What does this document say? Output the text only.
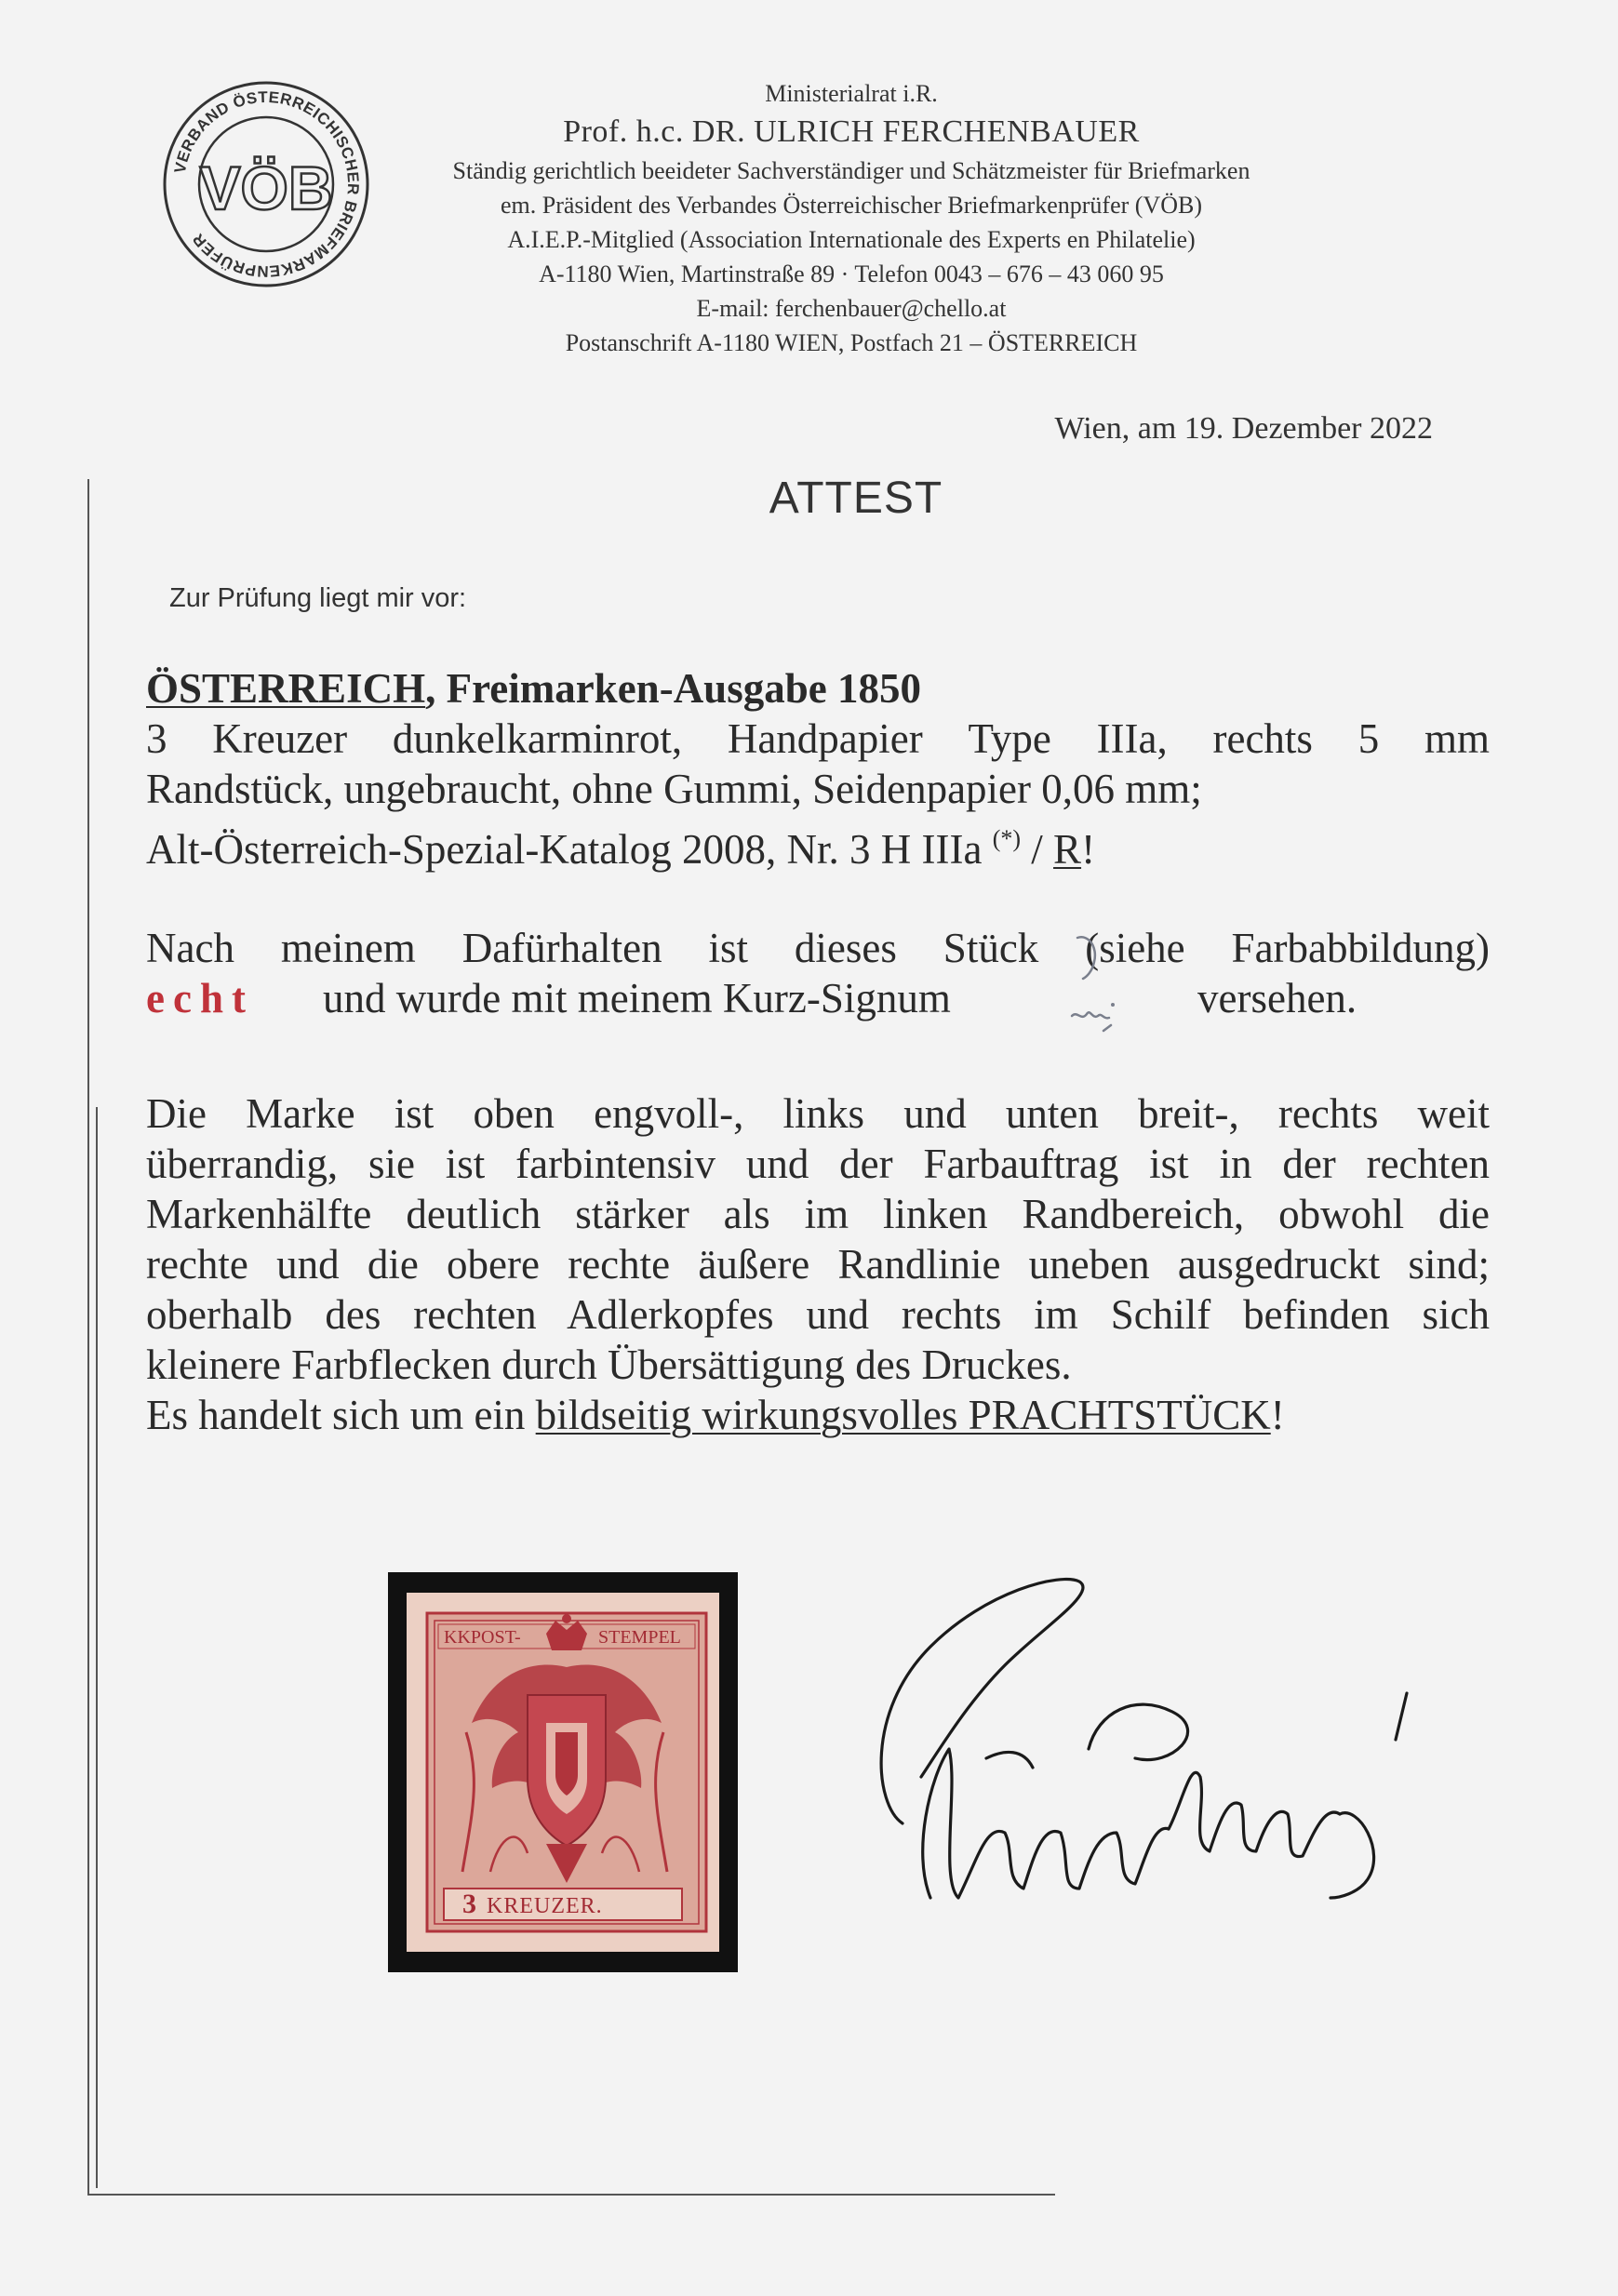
VERBAND ÖSTERREICHISCHER BRIEFMARKENPRÜFER
VÖB
Ministerialrat i.R.
Prof. h.c. DR. ULRICH FERCHENBAUER
Ständig gerichtlich beeideter Sachverständiger und Schätzmeister für Briefmarken
em. Präsident des Verbandes Österreichischer Briefmarkenprüfer (VÖB)
A.I.E.P.-Mitglied (Association Internationale des Experts en Philatelie)
A-1180 Wien, Martinstraße 89 · Telefon 0043 – 676 – 43 060 95
E-mail: ferchenbauer@chello.at
Postanschrift A-1180 WIEN, Postfach 21 – ÖSTERREICH
Wien, am 19. Dezember 2022
ATTEST
Zur Prüfung liegt mir vor:
ÖSTERREICH, Freimarken-Ausgabe 1850
3 Kreuzer dunkelkarminrot, Handpapier Type IIIa, rechts 5 mm
Randstück, ungebraucht, ohne Gummi, Seidenpapier 0,06 mm;
Alt-Österreich-Spezial-Katalog 2008, Nr. 3 H IIIa (*) / R!
Nach meinem Dafürhalten ist dieses Stück (siehe Farbabbildung)
echt und wurde mit meinem Kurz-Signum	versehen.
Die Marke ist oben engvoll-, links und unten breit-, rechts weit
überrandig, sie ist farbintensiv und der Farbauftrag ist in der rechten
Markenhälfte deutlich stärker als im linken Randbereich, obwohl die
rechte und die obere rechte äußere Randlinie uneben ausgedruckt sind;
oberhalb des rechten Adlerkopfes und rechts im Schilf befinden sich
kleinere Farbflecken durch Übersättigung des Druckes.
Es handelt sich um ein bildseitig wirkungsvolles PRACHTSTÜCK!
KKPOST-	STEMPEL
3 KREUZER.
